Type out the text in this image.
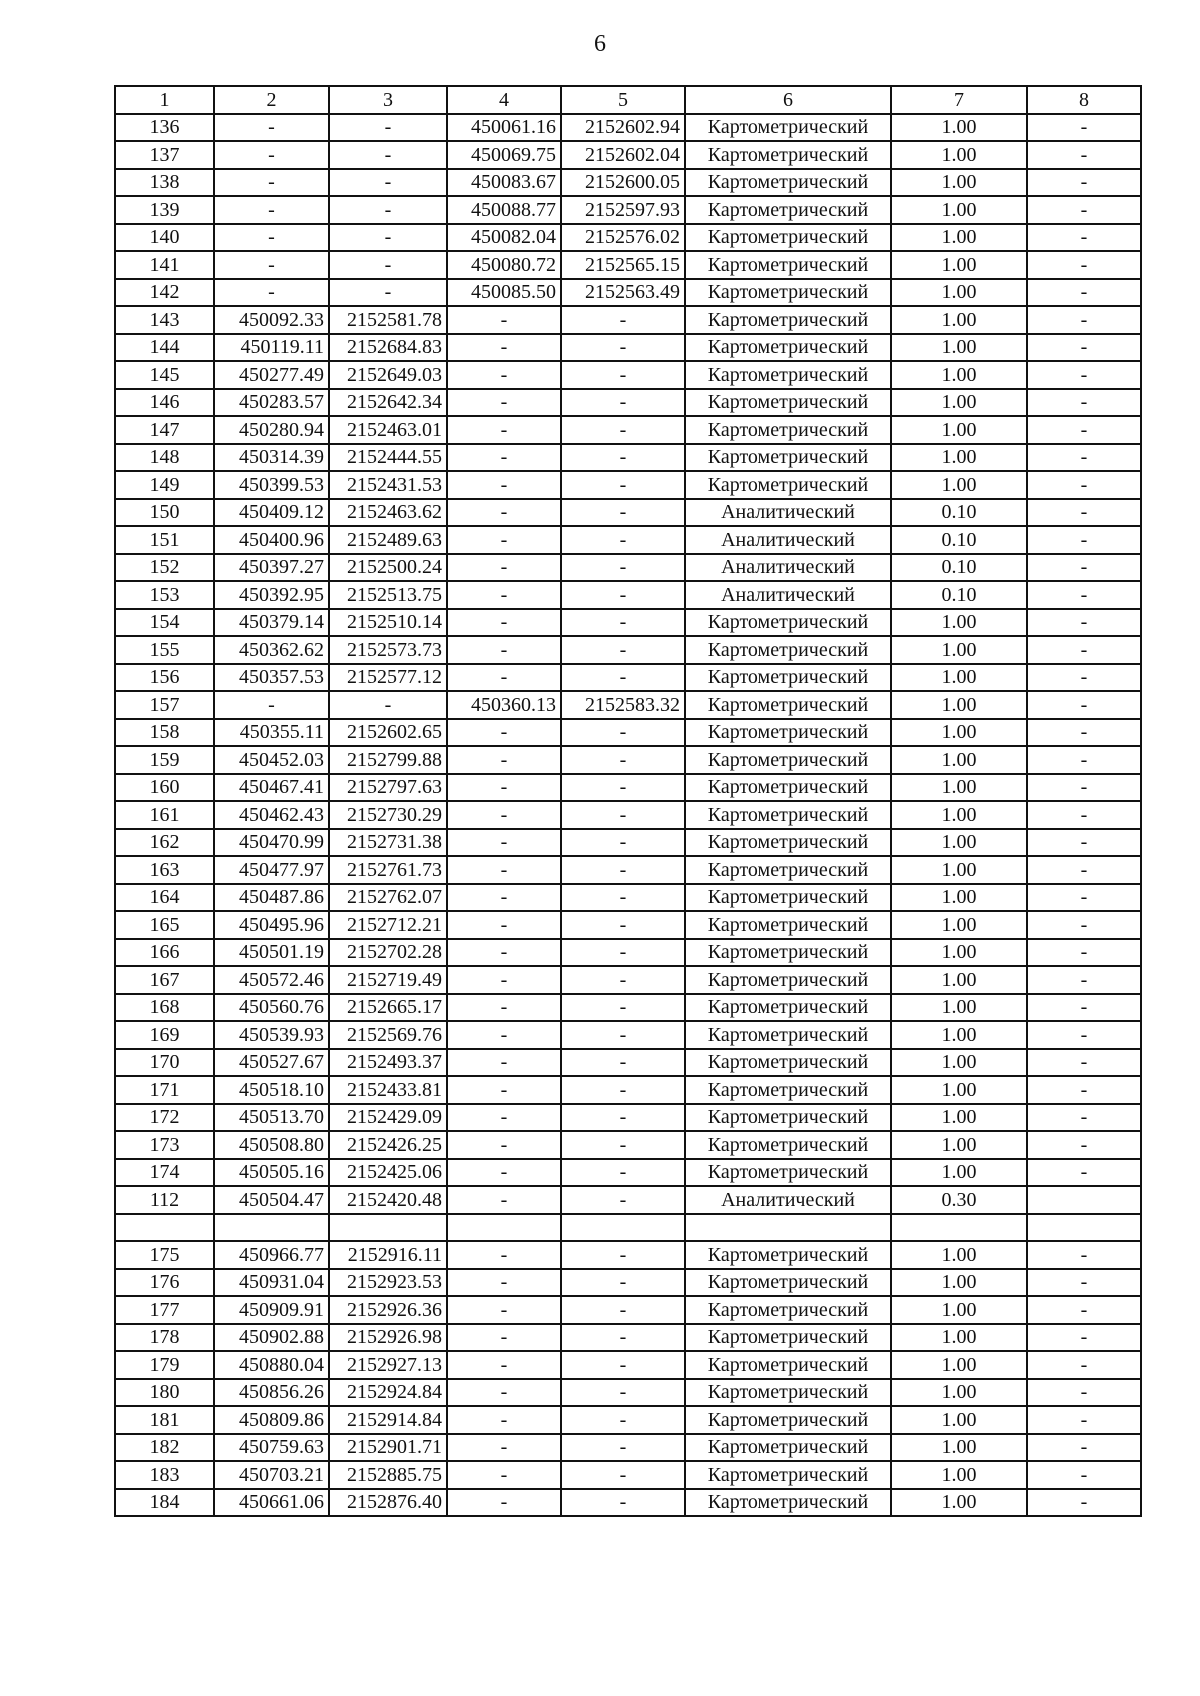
6
1	2	3	4	5	6	7	8
136	-	-	450061.16	2152602.94	Картометрический	1.00	-
137	-	-	450069.75	2152602.04	Картометрический	1.00	-
138	-	-	450083.67	2152600.05	Картометрический	1.00	-
139	-	-	450088.77	2152597.93	Картометрический	1.00	-
140	-	-	450082.04	2152576.02	Картометрический	1.00	-
141	-	-	450080.72	2152565.15	Картометрический	1.00	-
142	-	-	450085.50	2152563.49	Картометрический	1.00	-
143	450092.33	2152581.78	-	-	Картометрический	1.00	-
144	450119.11	2152684.83	-	-	Картометрический	1.00	-
145	450277.49	2152649.03	-	-	Картометрический	1.00	-
146	450283.57	2152642.34	-	-	Картометрический	1.00	-
147	450280.94	2152463.01	-	-	Картометрический	1.00	-
148	450314.39	2152444.55	-	-	Картометрический	1.00	-
149	450399.53	2152431.53	-	-	Картометрический	1.00	-
150	450409.12	2152463.62	-	-	Аналитический	0.10	-
151	450400.96	2152489.63	-	-	Аналитический	0.10	-
152	450397.27	2152500.24	-	-	Аналитический	0.10	-
153	450392.95	2152513.75	-	-	Аналитический	0.10	-
154	450379.14	2152510.14	-	-	Картометрический	1.00	-
155	450362.62	2152573.73	-	-	Картометрический	1.00	-
156	450357.53	2152577.12	-	-	Картометрический	1.00	-
157	-	-	450360.13	2152583.32	Картометрический	1.00	-
158	450355.11	2152602.65	-	-	Картометрический	1.00	-
159	450452.03	2152799.88	-	-	Картометрический	1.00	-
160	450467.41	2152797.63	-	-	Картометрический	1.00	-
161	450462.43	2152730.29	-	-	Картометрический	1.00	-
162	450470.99	2152731.38	-	-	Картометрический	1.00	-
163	450477.97	2152761.73	-	-	Картометрический	1.00	-
164	450487.86	2152762.07	-	-	Картометрический	1.00	-
165	450495.96	2152712.21	-	-	Картометрический	1.00	-
166	450501.19	2152702.28	-	-	Картометрический	1.00	-
167	450572.46	2152719.49	-	-	Картометрический	1.00	-
168	450560.76	2152665.17	-	-	Картометрический	1.00	-
169	450539.93	2152569.76	-	-	Картометрический	1.00	-
170	450527.67	2152493.37	-	-	Картометрический	1.00	-
171	450518.10	2152433.81	-	-	Картометрический	1.00	-
172	450513.70	2152429.09	-	-	Картометрический	1.00	-
173	450508.80	2152426.25	-	-	Картометрический	1.00	-
174	450505.16	2152425.06	-	-	Картометрический	1.00	-
112	450504.47	2152420.48	-	-	Аналитический	0.30	

175	450966.77	2152916.11	-	-	Картометрический	1.00	-
176	450931.04	2152923.53	-	-	Картометрический	1.00	-
177	450909.91	2152926.36	-	-	Картометрический	1.00	-
178	450902.88	2152926.98	-	-	Картометрический	1.00	-
179	450880.04	2152927.13	-	-	Картометрический	1.00	-
180	450856.26	2152924.84	-	-	Картометрический	1.00	-
181	450809.86	2152914.84	-	-	Картометрический	1.00	-
182	450759.63	2152901.71	-	-	Картометрический	1.00	-
183	450703.21	2152885.75	-	-	Картометрический	1.00	-
184	450661.06	2152876.40	-	-	Картометрический	1.00	-
